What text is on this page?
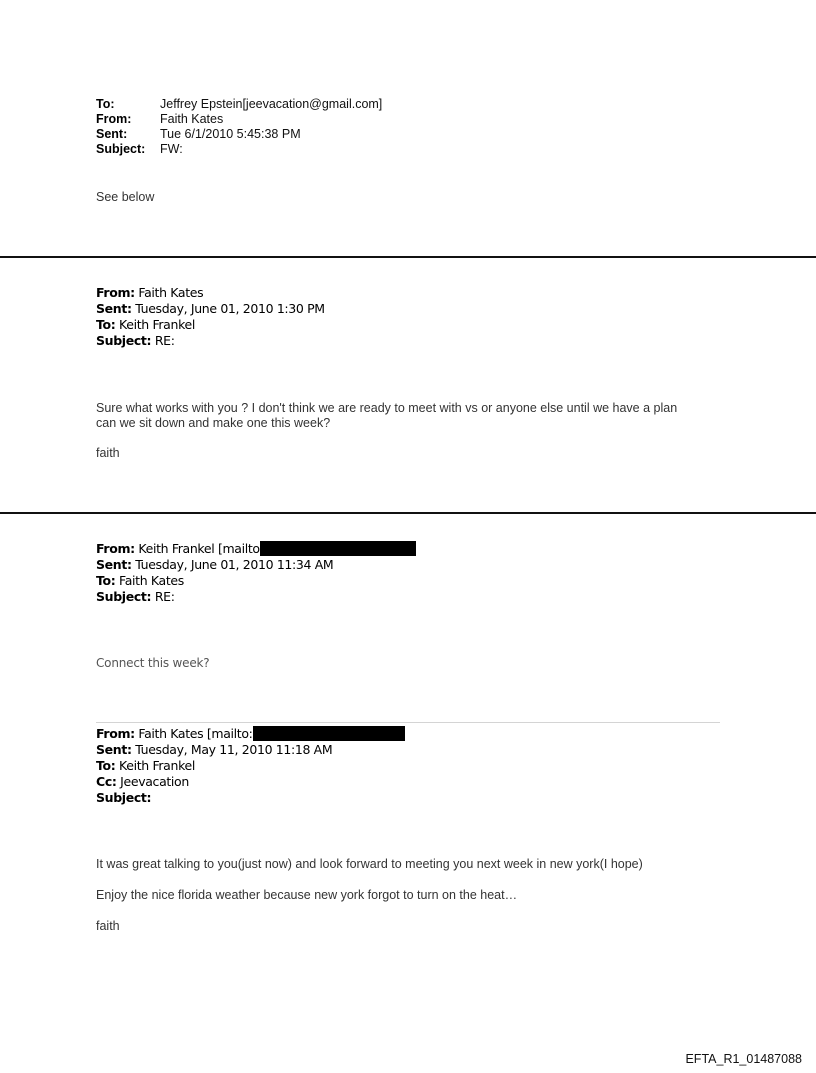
To:	Jeffrey Epstein[jeevacation@gmail.com]
From:	Faith Kates
Sent:	Tue 6/1/2010 5:45:38 PM
Subject:	FW:
See below
From: Faith Kates
Sent: Tuesday, June 01, 2010 1:30 PM
To: Keith Frankel
Subject: RE:
Sure what works with you ? I don't think we are ready to meet with vs or anyone else until we have a plan
can we sit down and make one this week?
faith
From: Keith Frankel [mailto
Sent: Tuesday, June 01, 2010 11:34 AM
To: Faith Kates
Subject: RE:
Connect this week?
From: Faith Kates [mailto:
Sent: Tuesday, May 11, 2010 11:18 AM
To: Keith Frankel
Cc: Jeevacation
Subject:
It was great talking to you(just now) and look forward to meeting you next week in new york(I hope)
Enjoy the nice florida weather because new york forgot to turn on the heat…
faith
EFTA_R1_01487088
